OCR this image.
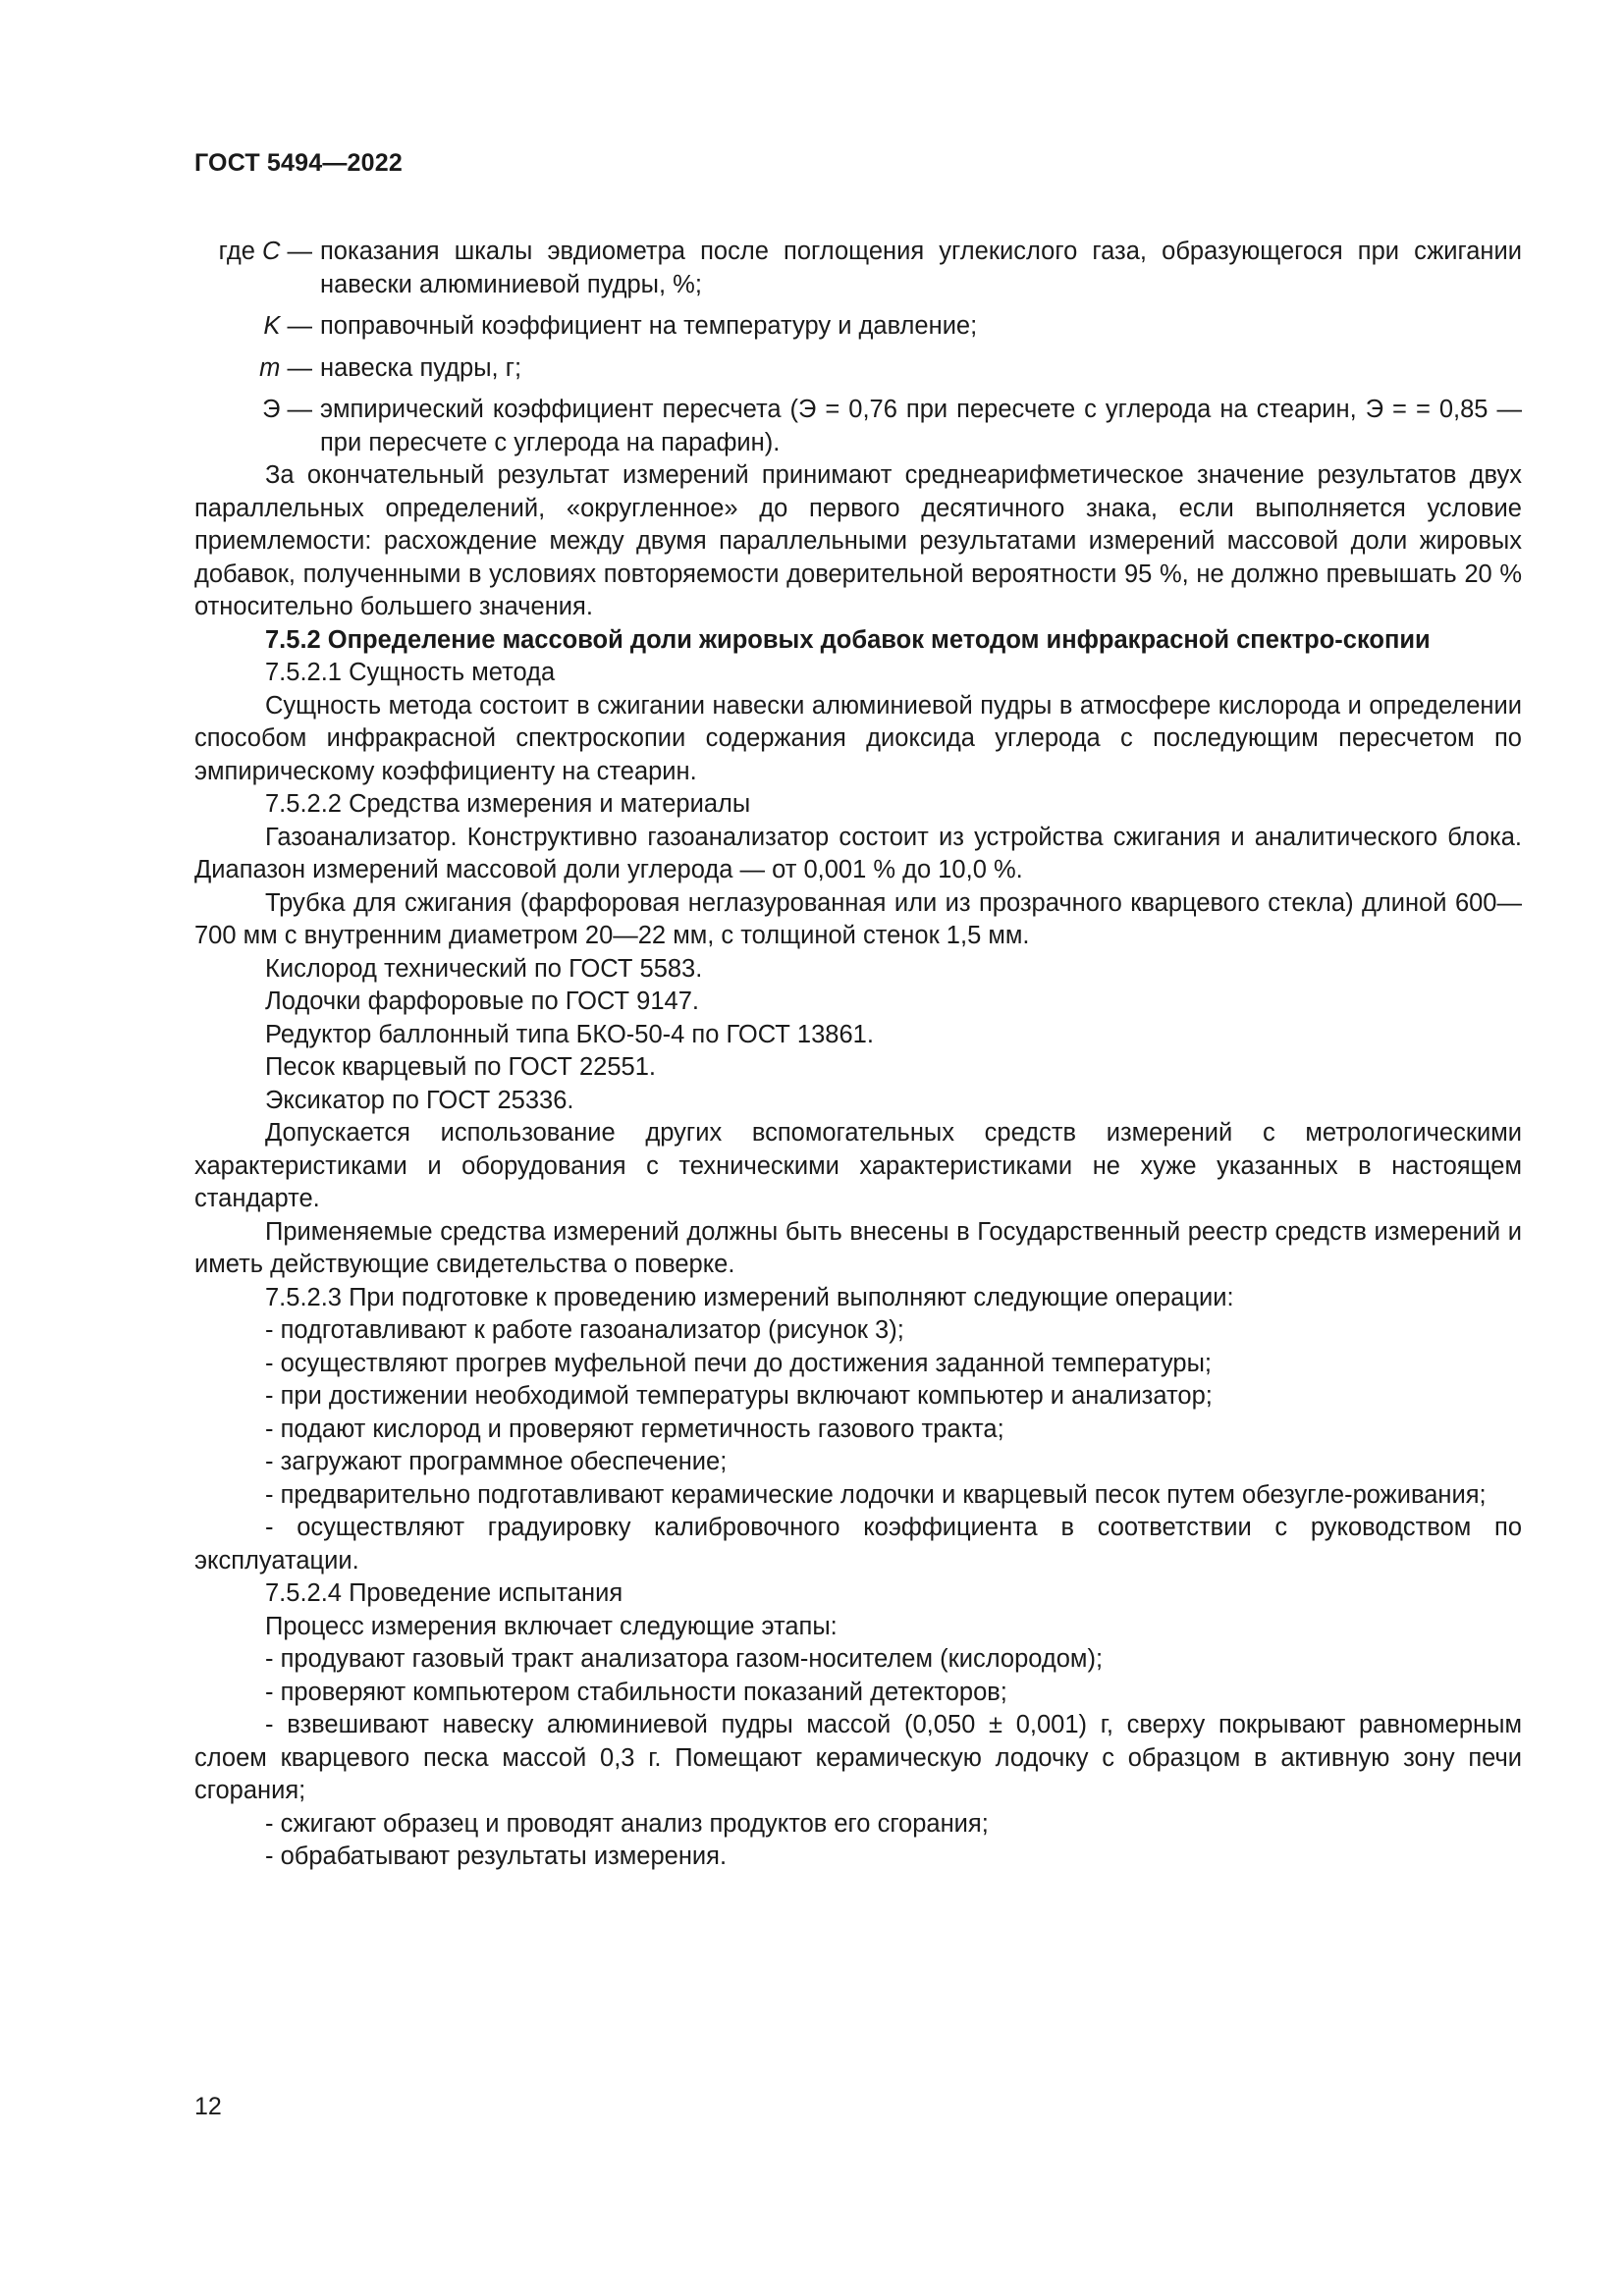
ГОСТ 5494—2022
где C — показания шкалы эвдиометра после поглощения углекислого газа, образующегося при сжигании навески алюминиевой пудры, %;
K — поправочный коэффициент на температуру и давление;
m — навеска пудры, г;
Э — эмпирический коэффициент пересчета (Э = 0,76 при пересчете с углерода на стеарин, Э = = 0,85 — при пересчете с углерода на парафин).

За окончательный результат измерений принимают среднеарифметическое значение результатов двух параллельных определений, «округленное» до первого десятичного знака, если выполняется условие приемлемости: расхождение между двумя параллельными результатами измерений массовой доли жировых добавок, полученными в условиях повторяемости доверительной вероятности 95 %, не должно превышать 20 % относительно большего значения.

7.5.2 Определение массовой доли жировых добавок методом инфракрасной спектро-скопии

7.5.2.1 Сущность метода

Сущность метода состоит в сжигании навески алюминиевой пудры в атмосфере кислорода и определении способом инфракрасной спектроскопии содержания диоксида углерода с последующим пересчетом по эмпирическому коэффициенту на стеарин.

7.5.2.2 Средства измерения и материалы

Газоанализатор. Конструктивно газоанализатор состоит из устройства сжигания и аналитического блока. Диапазон измерений массовой доли углерода — от 0,001 % до 10,0 %.

Трубка для сжигания (фарфоровая неглазурованная или из прозрачного кварцевого стекла) длиной 600—700 мм с внутренним диаметром 20—22 мм, с толщиной стенок 1,5 мм.

Кислород технический по ГОСТ 5583.

Лодочки фарфоровые по ГОСТ 9147.

Редуктор баллонный типа БКО-50-4 по ГОСТ 13861.

Песок кварцевый по ГОСТ 22551.

Эксикатор по ГОСТ 25336.

Допускается использование других вспомогательных средств измерений с метрологическими характеристиками и оборудования с техническими характеристиками не хуже указанных в настоящем стандарте.

Применяемые средства измерений должны быть внесены в Государственный реестр средств измерений и иметь действующие свидетельства о поверке.

7.5.2.3 При подготовке к проведению измерений выполняют следующие операции:

- подготавливают к работе газоанализатор (рисунок 3);

- осуществляют прогрев муфельной печи до достижения заданной температуры;

- при достижении необходимой температуры включают компьютер и анализатор;

- подают кислород и проверяют герметичность газового тракта;

- загружают программное обеспечение;

- предварительно подготавливают керамические лодочки и кварцевый песок путем обезугле-роживания;

- осуществляют градуировку калибровочного коэффициента в соответствии с руководством по эксплуатации.

7.5.2.4 Проведение испытания

Процесс измерения включает следующие этапы:

- продувают газовый тракт анализатора газом-носителем (кислородом);

- проверяют компьютером стабильности показаний детекторов;

- взвешивают навеску алюминиевой пудры массой (0,050 ± 0,001) г, сверху покрывают равномерным слоем кварцевого песка массой 0,3 г. Помещают керамическую лодочку с образцом в активную зону печи сгорания;

- сжигают образец и проводят анализ продуктов его сгорания;

- обрабатывают результаты измерения.

12
